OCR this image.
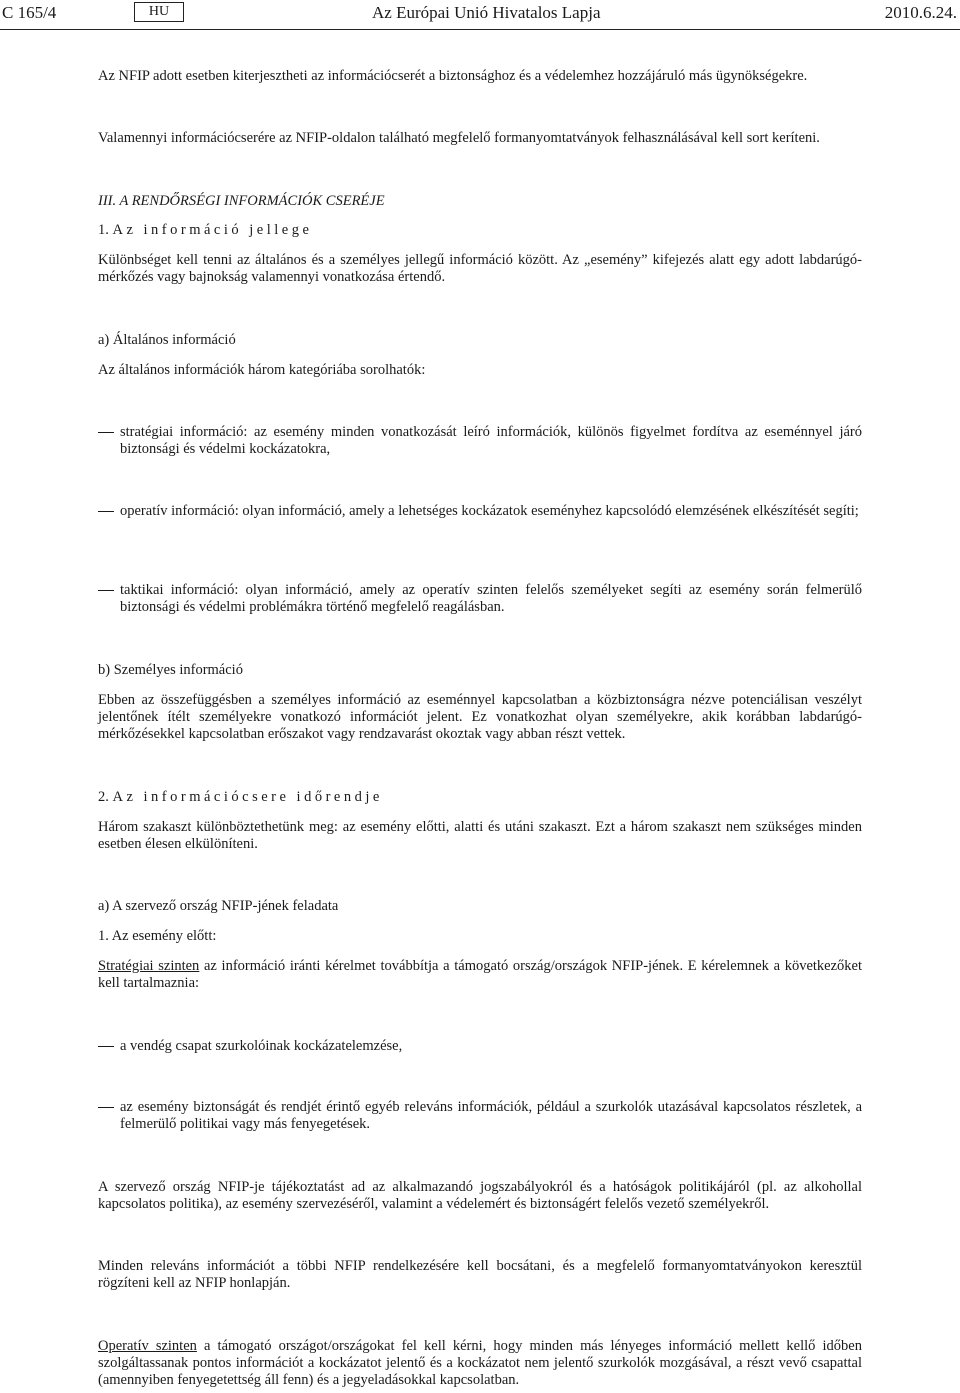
C 165/4	HU	Az Európai Unió Hivatalos Lapja	2010.6.24.
Az NFIP adott esetben kiterjesztheti az információcserét a biztonsághoz és a védelemhez hozzájáruló más ügynökségekre.
Valamennyi információcserére az NFIP-oldalon található megfelelő formanyomtatványok felhasználásával kell sort keríteni.
III. A RENDŐRSÉGI INFORMÁCIÓK CSERÉJE
1. Az információ jellege
Különbséget kell tenni az általános és a személyes jellegű információ között. Az „esemény” kifejezés alatt egy adott labdarúgó-mérkőzés vagy bajnokság valamennyi vonatkozása értendő.
a) Általános információ
Az általános információk három kategóriába sorolhatók:
stratégiai információ: az esemény minden vonatkozását leíró információk, különös figyelmet fordítva az eseménnyel járó biztonsági és védelmi kockázatokra,
operatív információ: olyan információ, amely a lehetséges kockázatok eseményhez kapcsolódó elemzésének elkészítését segíti;
taktikai információ: olyan információ, amely az operatív szinten felelős személyeket segíti az esemény során felmerülő biztonsági és védelmi problémákra történő megfelelő reagálásban.
b) Személyes információ
Ebben az összefüggésben a személyes információ az eseménnyel kapcsolatban a közbiztonságra nézve potenciálisan veszélyt jelentőnek ítélt személyekre vonatkozó információt jelent. Ez vonatkozhat olyan személyekre, akik korábban labdarúgó-mérkőzésekkel kapcsolatban erőszakot vagy rendzavarást okoztak vagy abban részt vettek.
2. Az információcsere időrendje
Három szakaszt különböztethetünk meg: az esemény előtti, alatti és utáni szakaszt. Ezt a három szakaszt nem szükséges minden esetben élesen elkülöníteni.
a) A szervező ország NFIP-jének feladata
1. Az esemény előtt:
Stratégiai szinten az információ iránti kérelmet továbbítja a támogató ország/országok NFIP-jének. E kérelemnek a következőket kell tartalmaznia:
a vendég csapat szurkolóinak kockázatelemzése,
az esemény biztonságát és rendjét érintő egyéb releváns információk, például a szurkolók utazásával kapcsolatos részletek, a felmerülő politikai vagy más fenyegetések.
A szervező ország NFIP-je tájékoztatást ad az alkalmazandó jogszabályokról és a hatóságok politikájáról (pl. az alkohollal kapcsolatos politika), az esemény szervezéséről, valamint a védelemért és biztonságért felelős vezető személyekről.
Minden releváns információt a többi NFIP rendelkezésére kell bocsátani, és a megfelelő formanyomtatványokon keresztül rögzíteni kell az NFIP honlapján.
Operatív szinten a támogató országot/országokat fel kell kérni, hogy minden más lényeges információ mellett kellő időben szolgáltassanak pontos információt a kockázatot jelentő és a kockázatot nem jelentő szurkolók mozgásával, a részt vevő csapattal (amennyiben fenyegetettség áll fenn) és a jegyeladásokkal kapcsolatban.
